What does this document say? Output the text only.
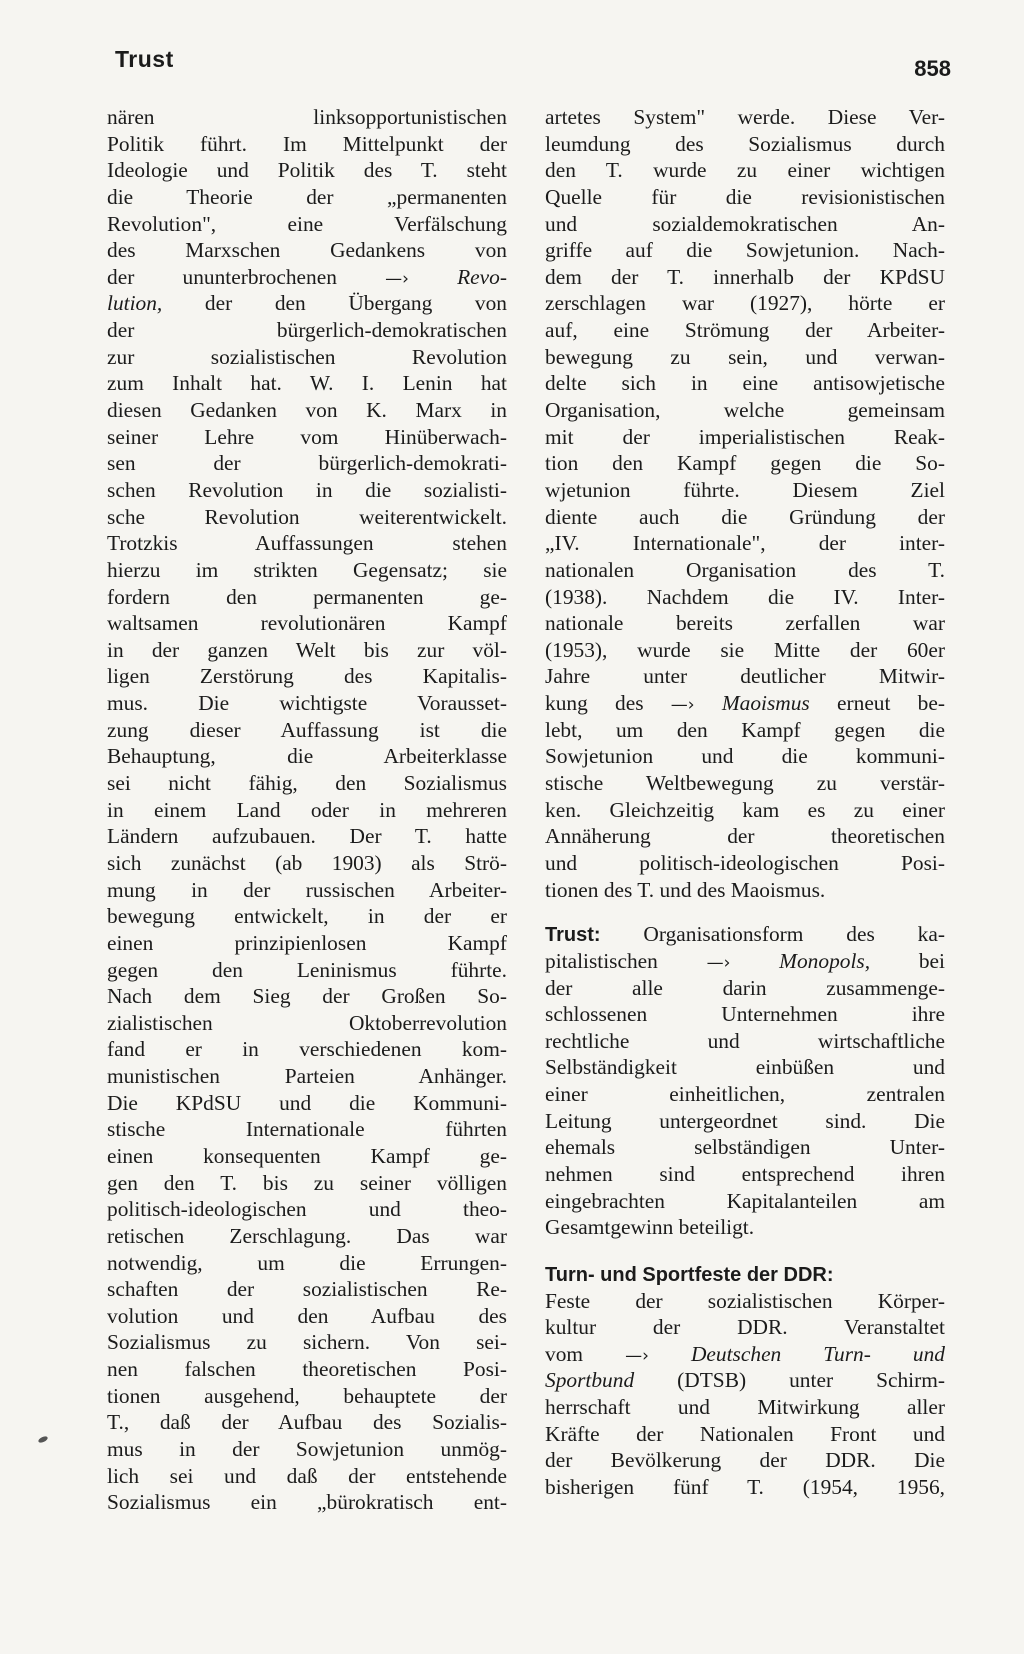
Trust	858
nären linksopportunistischen
Politik führt. Im Mittelpunkt der
Ideologie und Politik des T. steht
die Theorie der „permanenten
Revolution", eine Verfälschung
des Marxschen Gedankens von
der ununterbrochenen	—› Revo-
lution, der den Übergang von
der bürgerlich-demokratischen
zur sozialistischen Revolution
zum Inhalt hat. W. I. Lenin hat
diesen Gedanken von K. Marx in
seiner Lehre vom Hinüberwach-
sen der bürgerlich-demokrati-
schen Revolution in die sozialisti-
sche Revolution weiterentwickelt.
Trotzkis Auffassungen stehen
hierzu im strikten Gegensatz; sie
fordern den permanenten ge-
waltsamen revolutionären Kampf
in der ganzen Welt bis zur völ-
ligen Zerstörung des Kapitalis-
mus. Die wichtigste Vorausset-
zung dieser Auffassung ist die
Behauptung, die Arbeiterklasse
sei nicht fähig, den Sozialismus
in einem Land oder in mehreren
Ländern aufzubauen. Der T. hatte
sich zunächst (ab 1903) als Strö-
mung in der russischen Arbeiter-
bewegung entwickelt, in der er
einen prinzipienlosen Kampf
gegen den Leninismus führte.
Nach dem Sieg der Großen So-
zialistischen Oktoberrevolution
fand er in verschiedenen kom-
munistischen Parteien Anhänger.
Die KPdSU und die Kommuni-
stische Internationale führten
einen konsequenten Kampf ge-
gen den T. bis zu seiner völligen
politisch-ideologischen und theo-
retischen Zerschlagung. Das war
notwendig, um die Errungen-
schaften der sozialistischen Re-
volution und den Aufbau des
Sozialismus zu sichern. Von sei-
nen falschen theoretischen Posi-
tionen ausgehend, behauptete der
T., daß der Aufbau des Sozialis-
mus in der Sowjetunion unmög-
lich sei und daß der entstehende
Sozialismus ein „bürokratisch ent-
artetes System" werde. Diese Ver-
leumdung des Sozialismus durch
den T. wurde zu einer wichtigen
Quelle für die revisionistischen
und sozialdemokratischen An-
griffe auf die Sowjetunion. Nach-
dem der T. innerhalb der KPdSU
zerschlagen war (1927), hörte er
auf, eine Strömung der Arbeiter-
bewegung zu sein, und verwan-
delte sich in eine antisowjetische
Organisation, welche gemeinsam
mit der imperialistischen Reak-
tion den Kampf gegen die So-
wjetunion führte. Diesem Ziel
diente auch die Gründung der
„IV. Internationale", der inter-
nationalen Organisation des T.
(1938). Nachdem die IV. Inter-
nationale bereits zerfallen war
(1953), wurde sie Mitte der 60er
Jahre unter deutlicher Mitwir-
kung des —› Maoismus erneut be-
lebt, um den Kampf gegen die
Sowjetunion und die kommuni-
stische Weltbewegung zu verstär-
ken. Gleichzeitig kam es zu einer
Annäherung der theoretischen
und politisch-ideologischen Posi-
tionen des T. und des Maoismus.
Trust: Organisationsform des ka-
pitalistischen	—› Monopols, bei
der alle darin zusammenge-
schlossenen Unternehmen ihre
rechtliche und wirtschaftliche
Selbständigkeit einbüßen und
einer einheitlichen, zentralen
Leitung untergeordnet sind. Die
ehemals selbständigen Unter-
nehmen sind entsprechend ihren
eingebrachten Kapitalanteilen am
Gesamtgewinn beteiligt.
Turn- und Sportfeste der DDR:
Feste der sozialistischen Körper-
kultur der DDR. Veranstaltet
vom —› Deutschen Turn- und
Sportbund (DTSB) unter Schirm-
herrschaft und Mitwirkung aller
Kräfte der Nationalen Front und
der Bevölkerung der DDR. Die
bisherigen fünf T. (1954, 1956,
